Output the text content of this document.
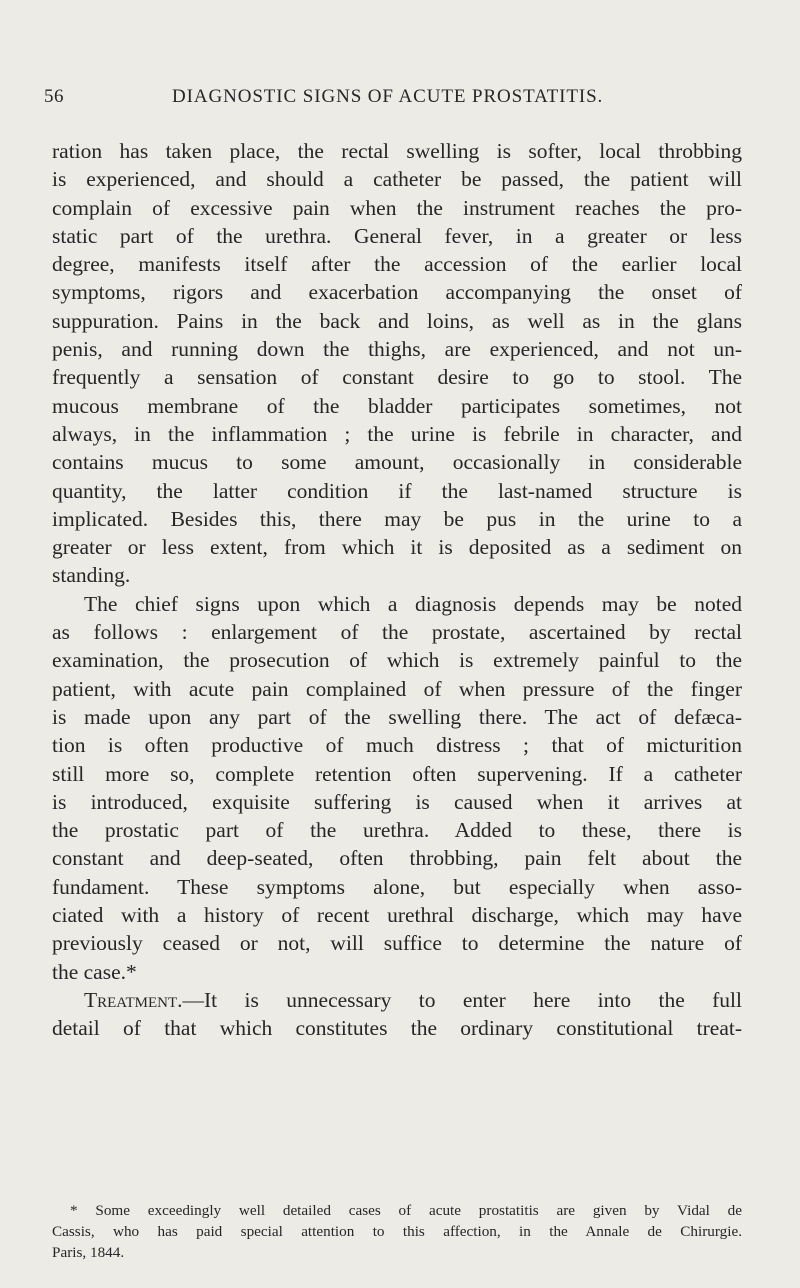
56	DIAGNOSTIC SIGNS OF ACUTE PROSTATITIS.

ration has taken place, the rectal swelling is softer, local throbbing
is experienced, and should a catheter be passed, the patient will
complain of excessive pain when the instrument reaches the pro-
static part of the urethra. General fever, in a greater or less
degree, manifests itself after the accession of the earlier local
symptoms, rigors and exacerbation accompanying the onset of
suppuration. Pains in the back and loins, as well as in the glans
penis, and running down the thighs, are experienced, and not un-
frequently a sensation of constant desire to go to stool. The
mucous membrane of the bladder participates sometimes, not
always, in the inflammation ; the urine is febrile in character, and
contains mucus to some amount, occasionally in considerable
quantity, the latter condition if the last-named structure is
implicated. Besides this, there may be pus in the urine to a
greater or less extent, from which it is deposited as a sediment on
standing.

The chief signs upon which a diagnosis depends may be noted
as follows : enlargement of the prostate, ascertained by rectal
examination, the prosecution of which is extremely painful to the
patient, with acute pain complained of when pressure of the finger
is made upon any part of the swelling there. The act of defæca-
tion is often productive of much distress ; that of micturition
still more so, complete retention often supervening. If a catheter
is introduced, exquisite suffering is caused when it arrives at
the prostatic part of the urethra. Added to these, there is
constant and deep-seated, often throbbing, pain felt about the
fundament. These symptoms alone, but especially when asso-
ciated with a history of recent urethral discharge, which may have
previously ceased or not, will suffice to determine the nature of
the case.*

Treatment.—It is unnecessary to enter here into the full
detail of that which constitutes the ordinary constitutional treat-

* Some exceedingly well detailed cases of acute prostatitis are given by Vidal de
Cassis, who has paid special attention to this affection, in the Annale de Chirurgie.
Paris, 1844.
